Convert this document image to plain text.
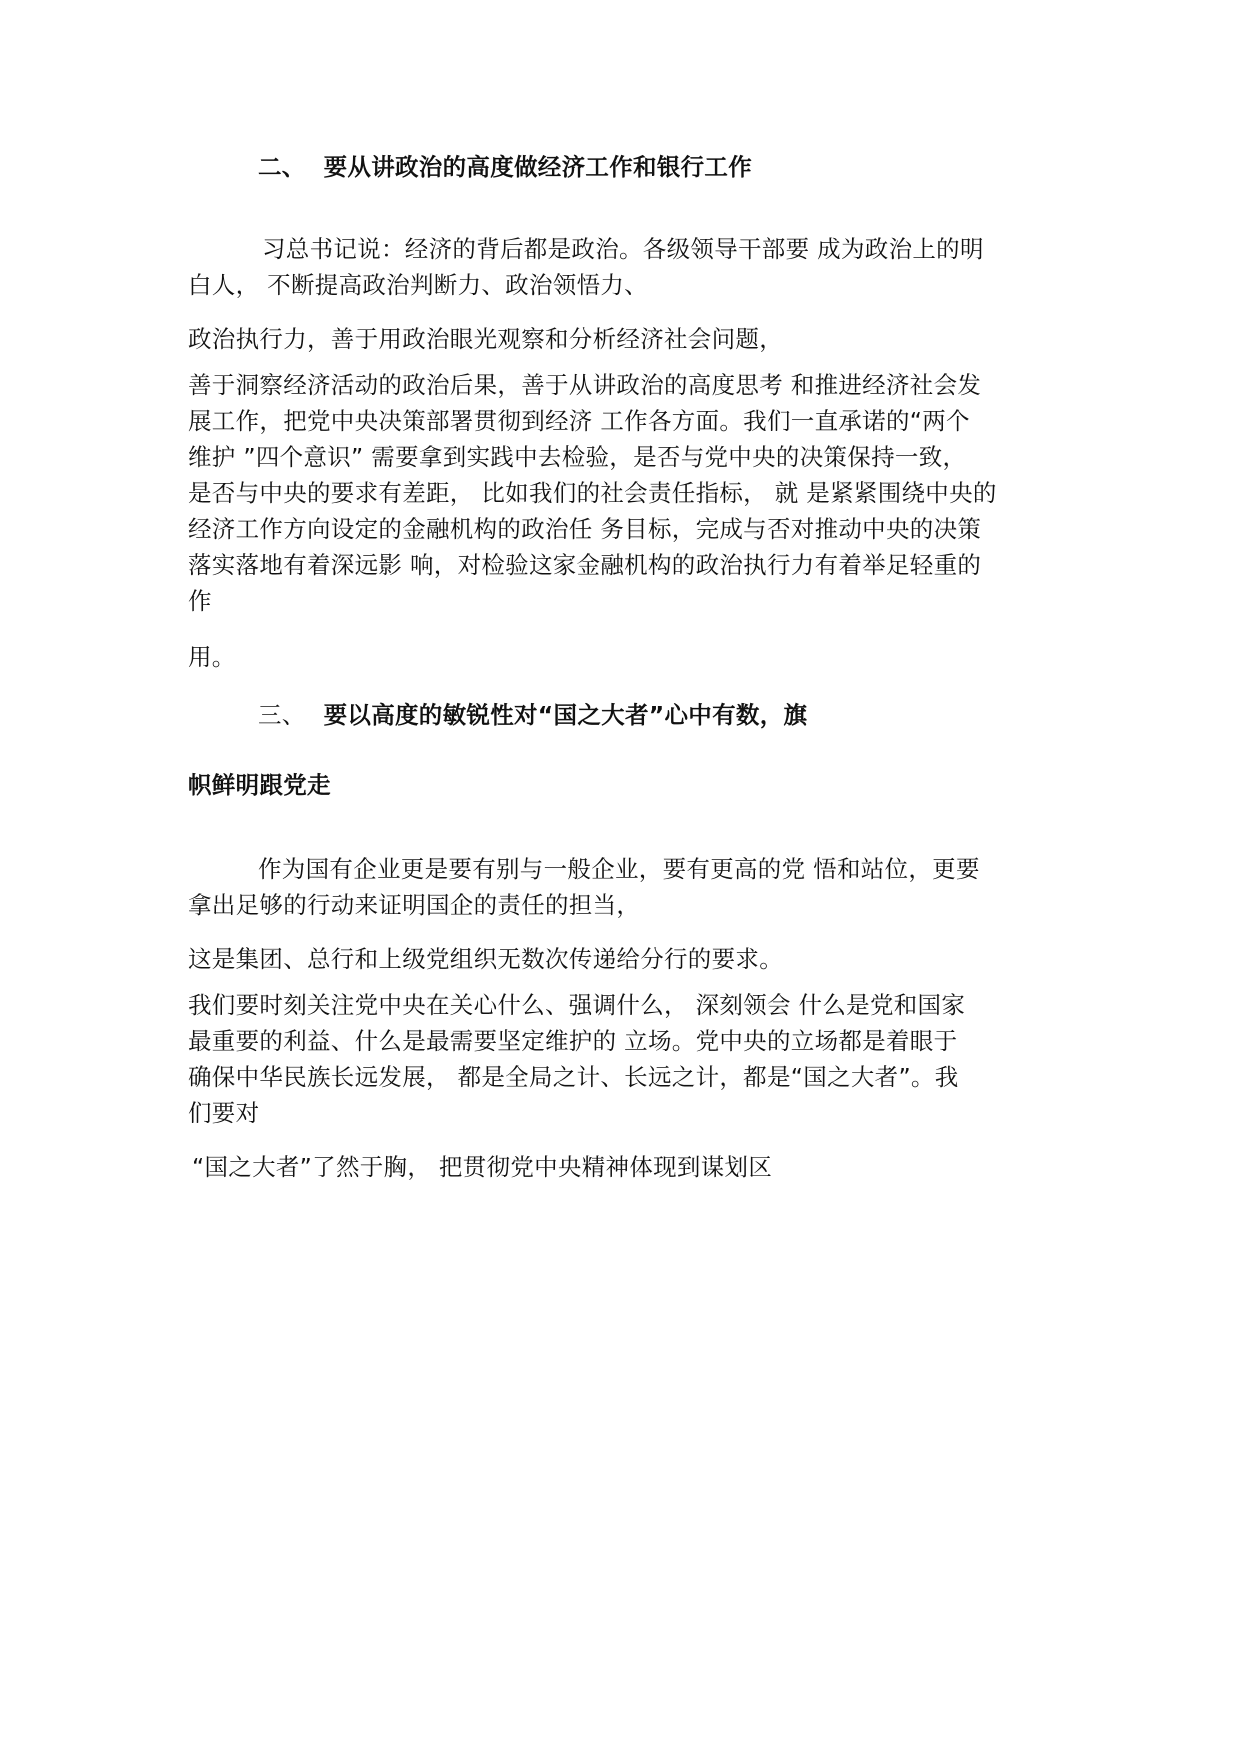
二、 要从讲政治的高度做经济工作和银行工作
习总书记说：经济的背后都是政治。各级领导干部要 成为政治上的明
白人， 不断提高政治判断力、政治领悟力、
政治执行力，善于用政治眼光观察和分析经济社会问题，
善于洞察经济活动的政治后果，善于从讲政治的高度思考 和推进经济社会发
展工作，把党中央决策部署贯彻到经济 工作各方面。我们一直承诺的“两个
维护 ”四个意识” 需要拿到实践中去检验，是否与党中央的决策保持一致，
是否与中央的要求有差距， 比如我们的社会责任指标， 就 是紧紧围绕中央的
经济工作方向设定的金融机构的政治任 务目标，完成与否对推动中央的决策
落实落地有着深远影 响，对检验这家金融机构的政治执行力有着举足轻重的
作
用。
三、 要以高度的敏锐性对“国之大者”心中有数，旗
帜鲜明跟党走
作为国有企业更是要有别与一般企业，要有更高的党 悟和站位，更要
拿出足够的行动来证明国企的责任的担当，
这是集团、总行和上级党组织无数次传递给分行的要求。
我们要时刻关注党中央在关心什么、强调什么， 深刻领会 什么是党和国家
最重要的利益、什么是最需要坚定维护的 立场。党中央的立场都是着眼于
确保中华民族长远发展， 都是全局之计、长远之计，都是“国之大者”。我
们要对
“国之大者”了然于胸， 把贯彻党中央精神体现到谋划区
